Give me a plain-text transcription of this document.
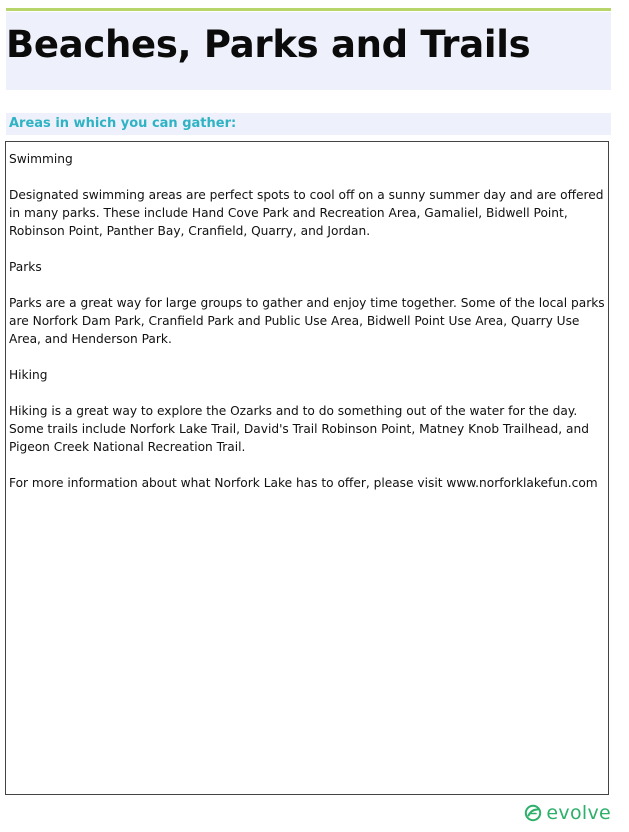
Beaches, Parks and Trails
Areas in which you can gather:

Swimming

Designated swimming areas are perfect spots to cool off on a sunny summer day and are offered in many parks. These include Hand Cove Park and Recreation Area, Gamaliel, Bidwell Point, Robinson Point, Panther Bay, Cranfield, Quarry, and Jordan.

Parks

Parks are a great way for large groups to gather and enjoy time together. Some of the local parks are Norfork Dam Park, Cranfield Park and Public Use Area, Bidwell Point Use Area, Quarry Use Area, and Henderson Park.

Hiking

Hiking is a great way to explore the Ozarks and to do something out of the water for the day. Some trails include Norfork Lake Trail, David's Trail Robinson Point, Matney Knob Trailhead, and Pigeon Creek National Recreation Trail.

For more information about what Norfork Lake has to offer, please visit www.norforklakefun.com

evolve
